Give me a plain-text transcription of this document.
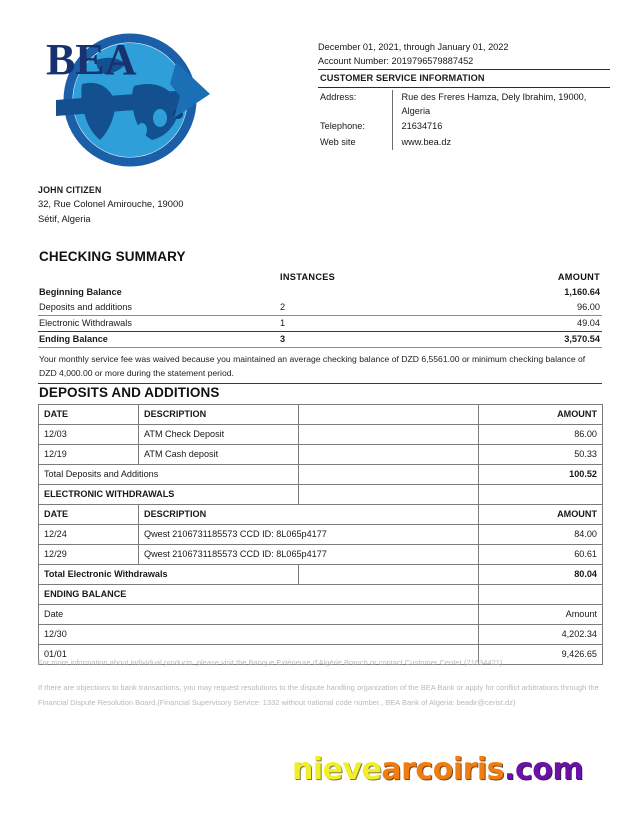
BEA	December 01, 2021, through January 01, 2022
Account Number: 2019796579887452
CUSTOMER SERVICE INFORMATION
Address:	Rue des Freres Hamza, Dely Ibrahim, 19000, Algeria
Telephone:	21634716
Web site	www.bea.dz
JOHN CITIZEN
32, Rue Colonel Amirouche, 19000
Sétif, Algeria
CHECKING SUMMARY
	INSTANCES	AMOUNT
Beginning Balance		1,160.64
Deposits and additions	2	96.00
Electronic Withdrawals	1	49.04
Ending Balance	3	3,570.54
Your monthly service fee was waived because you maintained an average checking balance of DZD 6,5561.00 or minimum checking balance of DZD 4,000.00 or more during the statement period.
DEPOSITS AND ADDITIONS
DATE	DESCRIPTION		AMOUNT
12/03	ATM Check Deposit		86.00
12/19	ATM Cash deposit		50.33
Total Deposits and Additions			100.52
ELECTRONIC WITHDRAWALS			
DATE	DESCRIPTION		AMOUNT
12/24	Qwest 2106731185573 CCD ID: 8L065p4177		84.00
12/29	Qwest 2106731185573 CCD ID: 8L065p4177		60.61
Total Electronic Withdrawals			80.04
ENDING BALANCE			
Date			Amount
12/30			4,202.34
01/01			9,426.65

For more information about individual products, please visit the Banque Extérieure d’Algérie Branch or contact Customer Center (21634421)

If there are objections to bank transactions, you may request resolutions to the dispute handling organization of the BEA Bank or apply for conflict arbitrations through the Financial Dispute Resolution Board.(Financial Supervisory Service: 1332 without national code number., BEA Bank of Algeria: beadir@cerist.dz)

nievearcoiris.com
